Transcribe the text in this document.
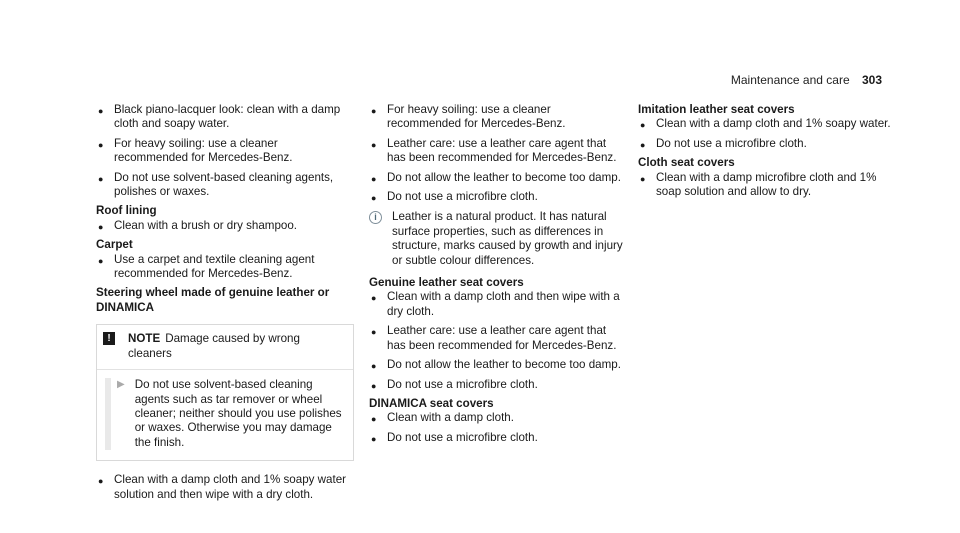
Maintenance and care 303
● Black piano-lacquer look: clean with a damp cloth and soapy water.
● For heavy soiling: use a cleaner recommended for Mercedes-Benz.
● Do not use solvent-based cleaning agents, polishes or waxes.
Roof lining
● Clean with a brush or dry shampoo.
Carpet
● Use a carpet and textile cleaning agent recommended for Mercedes-Benz.
Steering wheel made of genuine leather or DINAMICA
!	NOTE Damage caused by wrong cleaners
▶ Do not use solvent-based cleaning agents such as tar remover or wheel cleaner; neither should you use polishes or waxes. Otherwise you may damage the finish.
● Clean with a damp cloth and 1% soapy water solution and then wipe with a dry cloth.
● For heavy soiling: use a cleaner recommended for Mercedes-Benz.
● Leather care: use a leather care agent that has been recommended for Mercedes-Benz.
● Do not allow the leather to become too damp.
● Do not use a microfibre cloth.
i	Leather is a natural product. It has natural surface properties, such as differences in structure, marks caused by growth and injury or subtle colour differences.
Genuine leather seat covers
● Clean with a damp cloth and then wipe with a dry cloth.
● Leather care: use a leather care agent that has been recommended for Mercedes-Benz.
● Do not allow the leather to become too damp.
● Do not use a microfibre cloth.
DINAMICA seat covers
● Clean with a damp cloth.
● Do not use a microfibre cloth.
Imitation leather seat covers
● Clean with a damp cloth and 1% soapy water.
● Do not use a microfibre cloth.
Cloth seat covers
● Clean with a damp microfibre cloth and 1% soap solution and allow to dry.
